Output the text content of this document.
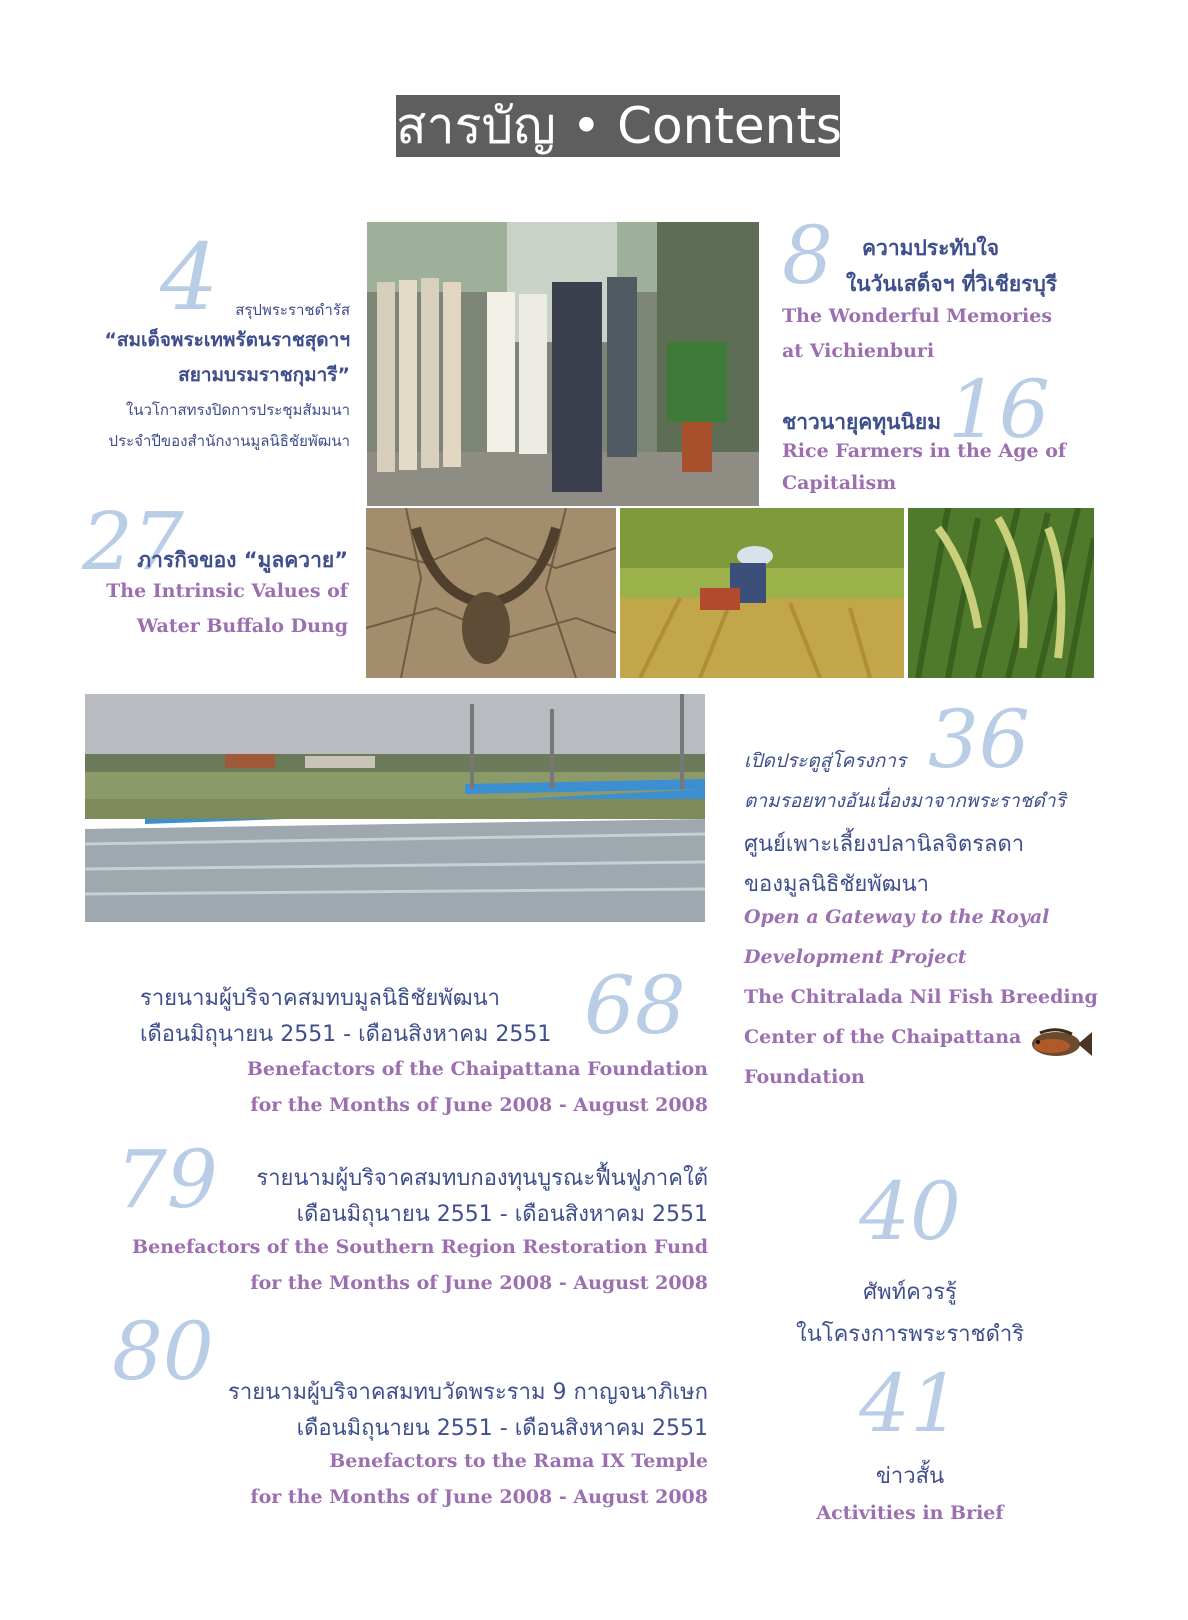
สารบัญ • Contents
4 สรุปพระราชดำรัส
“สมเด็จพระเทพรัตนราชสุดาฯ
สยามบรมราชกุมารี”
ในวโกาสทรงปิดการประชุมสัมมนา
ประจำปีของสำนักงานมูลนิธิชัยพัฒนา
8 ความประทับใจ
ในวันเสด็จฯ ที่วิเชียรบุรี
The Wonderful Memories
at Vichienburi
ชาวนายุคทุนนิยม 16
Rice Farmers in the Age of
Capitalism
27
ภารกิจของ “มูลควาย”
The Intrinsic Values of
Water Buffalo Dung
เปิดประตูสู่โครงการ 36
ตามรอยทางอันเนื่องมาจากพระราชดำริ
ศูนย์เพาะเลี้ยงปลานิลจิตรลดา
ของมูลนิธิชัยพัฒนา
Open a Gateway to the Royal
Development Project
The Chitralada Nil Fish Breeding
Center of the Chaipattana
Foundation
รายนามผู้บริจาคสมทบมูลนิธิชัยพัฒนา
เดือนมิถุนายน 2551 - เดือนสิงหาคม 2551 68
Benefactors of the Chaipattana Foundation
for the Months of June 2008 - August 2008
79 รายนามผู้บริจาคสมทบกองทุนบูรณะฟื้นฟูภาคใต้
เดือนมิถุนายน 2551 - เดือนสิงหาคม 2551
Benefactors of the Southern Region Restoration Fund
for the Months of June 2008 - August 2008
80 รายนามผู้บริจาคสมทบวัดพระราม 9 กาญจนาภิเษก
เดือนมิถุนายน 2551 - เดือนสิงหาคม 2551
Benefactors to the Rama IX Temple
for the Months of June 2008 - August 2008
40
ศัพท์ควรรู้
ในโครงการพระราชดำริ
41
ข่าวสั้น
Activities in Brief
